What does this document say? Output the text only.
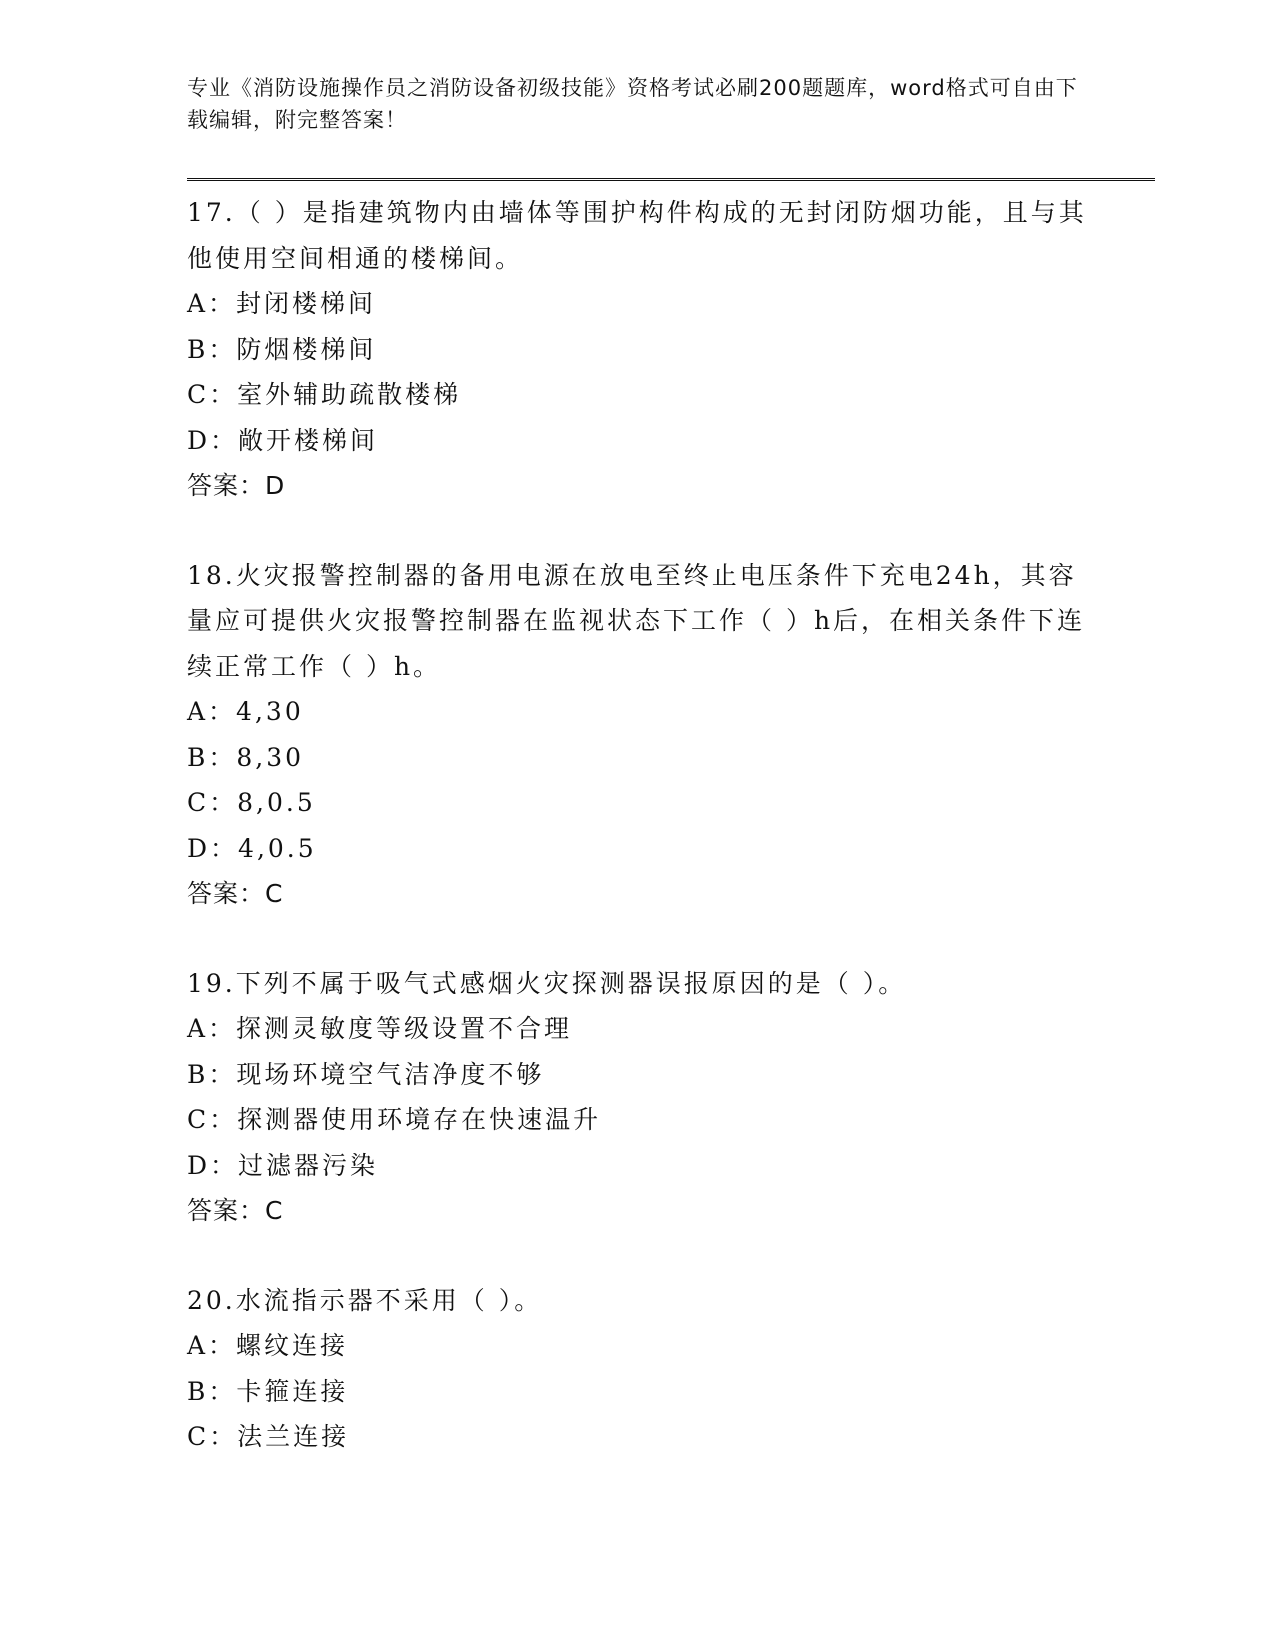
专业《消防设施操作员之消防设备初级技能》资格考试必刷200题题库，word格式可自由下载编辑，附完整答案！

17.（ ）是指建筑物内由墙体等围护构件构成的无封闭防烟功能，且与其他使用空间相通的楼梯间。

A：封闭楼梯间

B：防烟楼梯间

C：室外辅助疏散楼梯

D：敞开楼梯间

答案：D

18.火灾报警控制器的备用电源在放电至终止电压条件下充电24h，其容量应可提供火灾报警控制器在监视状态下工作（ ）h后，在相关条件下连续正常工作（ ）h。

A：4,30

B：8,30

C：8,0.5

D：4,0.5

答案：C

19.下列不属于吸气式感烟火灾探测器误报原因的是（ ）。

A：探测灵敏度等级设置不合理

B：现场环境空气洁净度不够

C：探测器使用环境存在快速温升

D：过滤器污染

答案：C

20.水流指示器不采用（ ）。

A：螺纹连接

B：卡箍连接

C：法兰连接
